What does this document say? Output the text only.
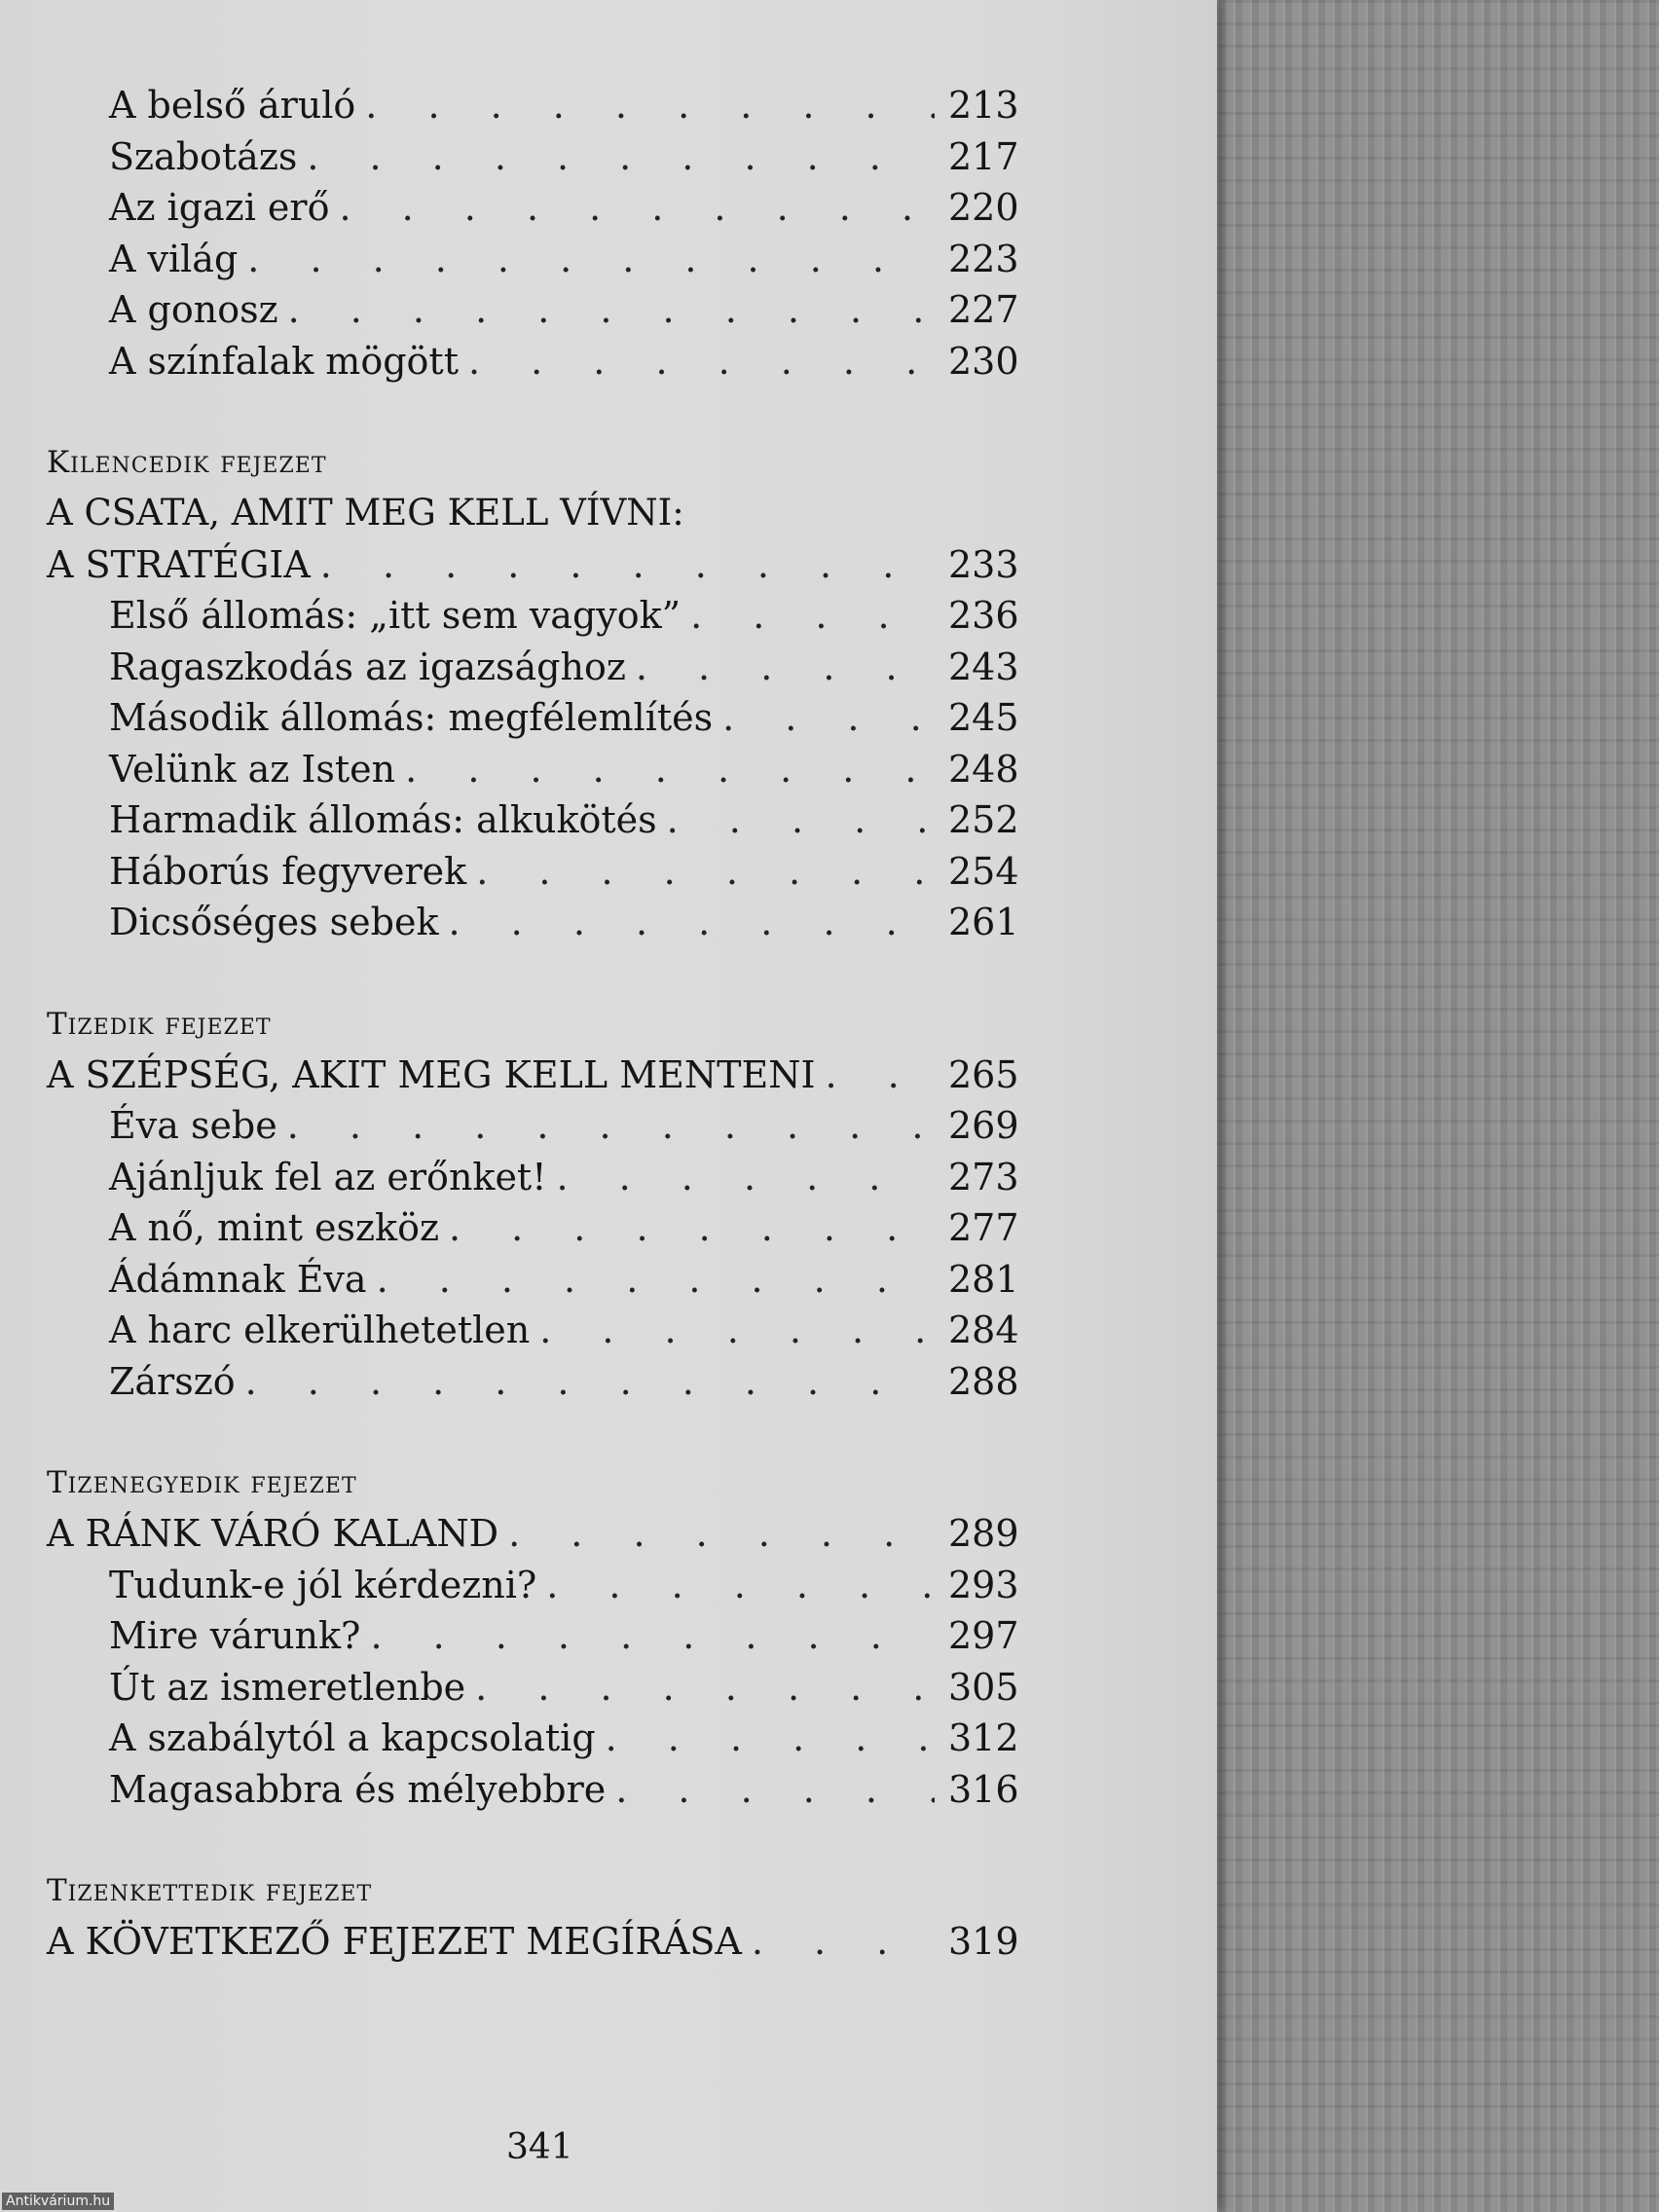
A belső áruló . . .	213
Szabotázs . . .	217
Az igazi erő . . .	220
A világ . . .	223
A gonosz . . .	227
A színfalak mögött . . .	230
Kilencedik fejezet
A CSATA, AMIT MEG KELL VÍVNI:
A STRATÉGIA . . .	233
Első állomás: „itt sem vagyok” . . .	236
Ragaszkodás az igazsághoz . . .	243
Második állomás: megfélemlítés . . .	245
Velünk az Isten . . .	248
Harmadik állomás: alkukötés . . .	252
Háborús fegyverek . . .	254
Dicsőséges sebek . . .	261
Tizedik fejezet
A SZÉPSÉG, AKIT MEG KELL MENTENI . . .	265
Éva sebe . . .	269
Ajánljuk fel az erőnket! . . .	273
A nő, mint eszköz . . .	277
Ádámnak Éva . . .	281
A harc elkerülhetetlen . . .	284
Zárszó . . .	288
Tizenegyedik fejezet
A RÁNK VÁRÓ KALAND . . .	289
Tudunk-e jól kérdezni? . . .	293
Mire várunk? . . .	297
Út az ismeretlenbe . . .	305
A szabálytól a kapcsolatig . . .	312
Magasabbra és mélyebbre . . .	316
Tizenkettedik fejezet
A KÖVETKEZŐ FEJEZET MEGÍRÁSA . . .	319
341
Antikvárium.hu
